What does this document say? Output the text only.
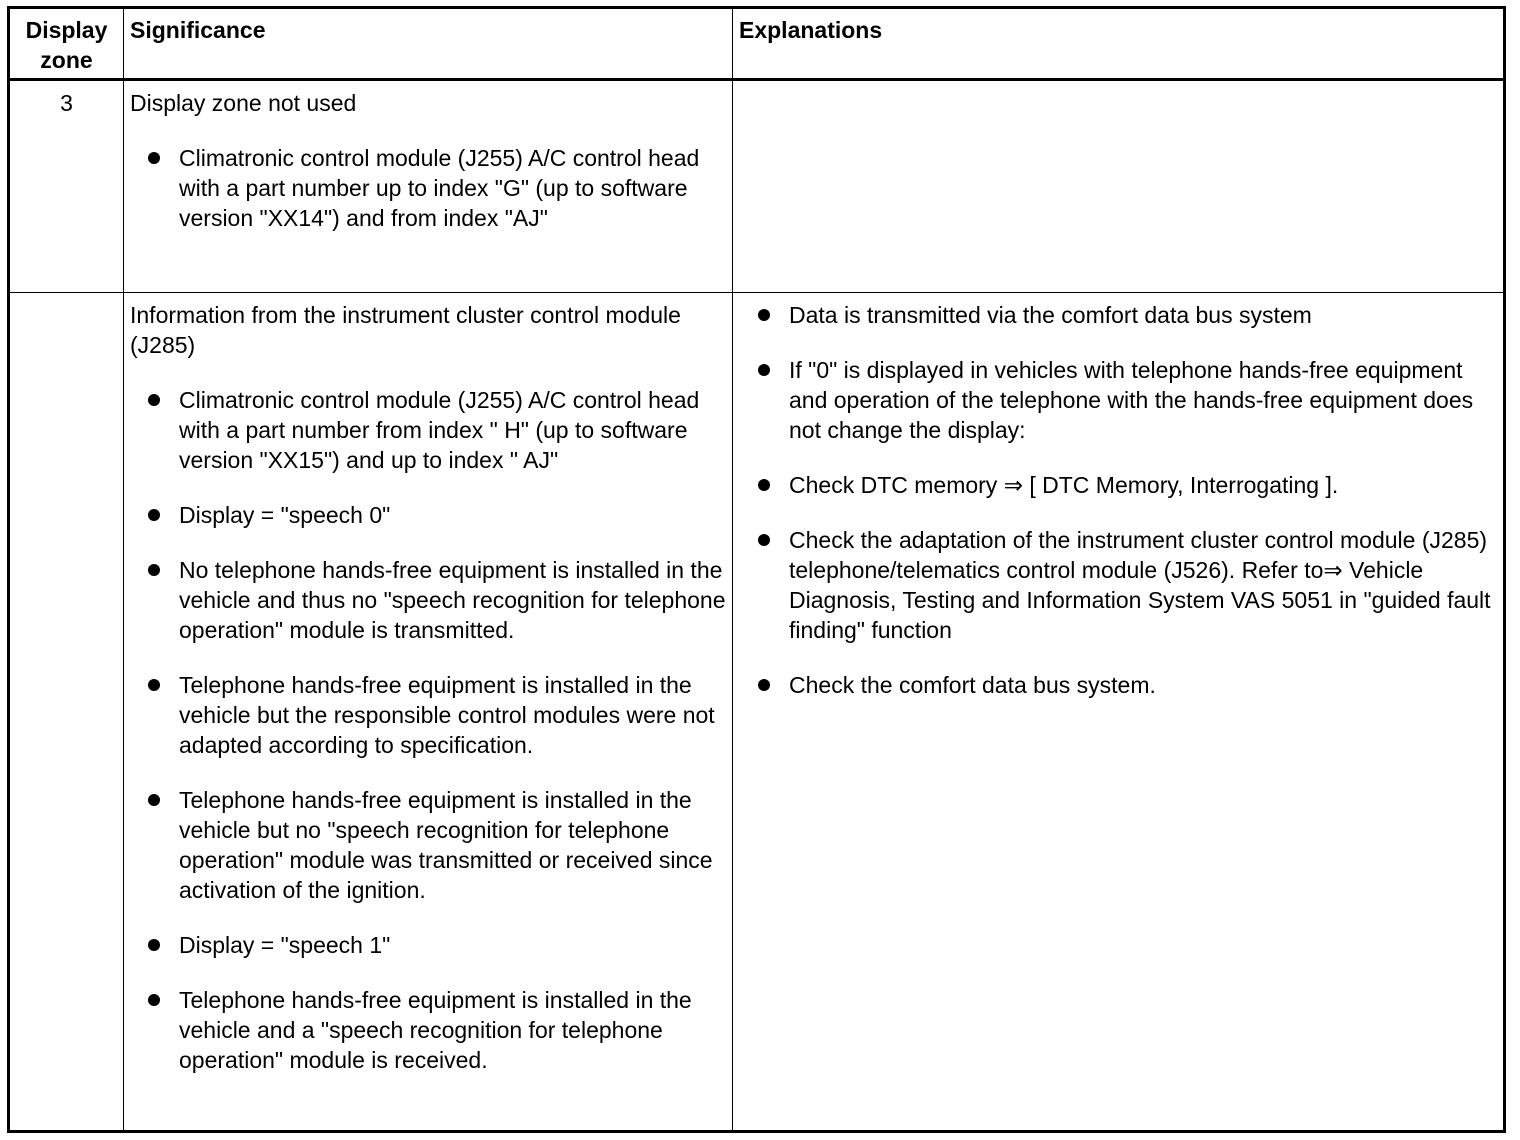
Display zone
Significance	Explanations
3	Display zone not used

Climatronic control module (J255) A/C control head with a part number up to index "G" (up to software version "XX14") and from index "AJ"

Information from the instrument cluster control module (J285)

Climatronic control module (J255) A/C control head with a part number from index " H" (up to software version "XX15") and up to index " AJ"
Display = "speech 0"
No telephone hands-free equipment is installed in the vehicle and thus no "speech recognition for telephone operation" module is transmitted.
Telephone hands-free equipment is installed in the vehicle but the responsible control modules were not adapted according to specification.
Telephone hands-free equipment is installed in the vehicle but no "speech recognition for telephone operation" module was transmitted or received since activation of the ignition.
Display = "speech 1"
Telephone hands-free equipment is installed in the vehicle and a "speech recognition for telephone operation" module is received.
Data is transmitted via the comfort data bus system
If "0" is displayed in vehicles with telephone hands-free equipment and operation of the telephone with the hands-free equipment does not change the display:
Check DTC memory ⇒ [ DTC Memory, Interrogating ].
Check the adaptation of the instrument cluster control module (J285) telephone/telematics control module (J526). Refer to⇒ Vehicle Diagnosis, Testing and Information System VAS 5051 in "guided fault finding" function
Check the comfort data bus system.
